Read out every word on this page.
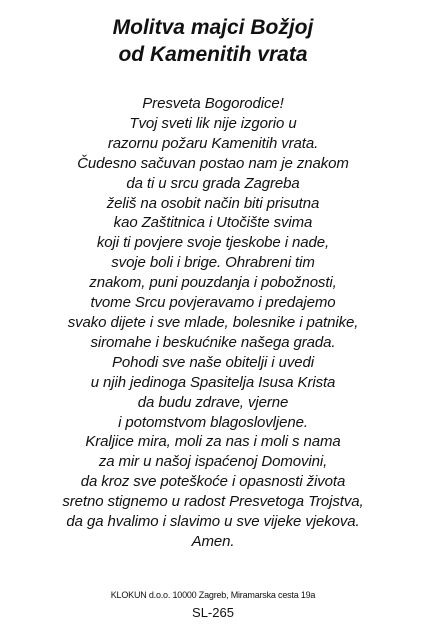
Molitva majci Božjoj
od Kamenitih vrata
Presveta Bogorodice!
Tvoj sveti lik nije izgorio u
razornu požaru Kamenitih vrata.
Čudesno sačuvan postao nam je znakom
da ti u srcu grada Zagreba
želiš na osobit način biti prisutna
kao Zaštitnica i Utočište svima
koji ti povjere svoje tjeskobe i nade,
svoje boli i brige. Ohrabreni tim
znakom, puni pouzdanja i pobožnosti,
tvome Srcu povjeravamo i predajemo
svako dijete i sve mlade, bolesnike i patnike,
siromahe i beskućnike našega grada.
Pohodi sve naše obitelji i uvedi
u njih jedinoga Spasitelja Isusa Krista
da budu zdrave, vjerne
i potomstvom blagoslovljene.
Kraljice mira, moli za nas i moli s nama
za mir u našoj ispaćenoj Domovini,
da kroz sve poteškoće i opasnosti života
sretno stignemo u radost Presvetoga Trojstva,
da ga hvalimo i slavimo u sve vijeke vjekova.
Amen.
KLOKUN d.o.o. 10000 Zagreb, Miramarska cesta 19a
SL-265
